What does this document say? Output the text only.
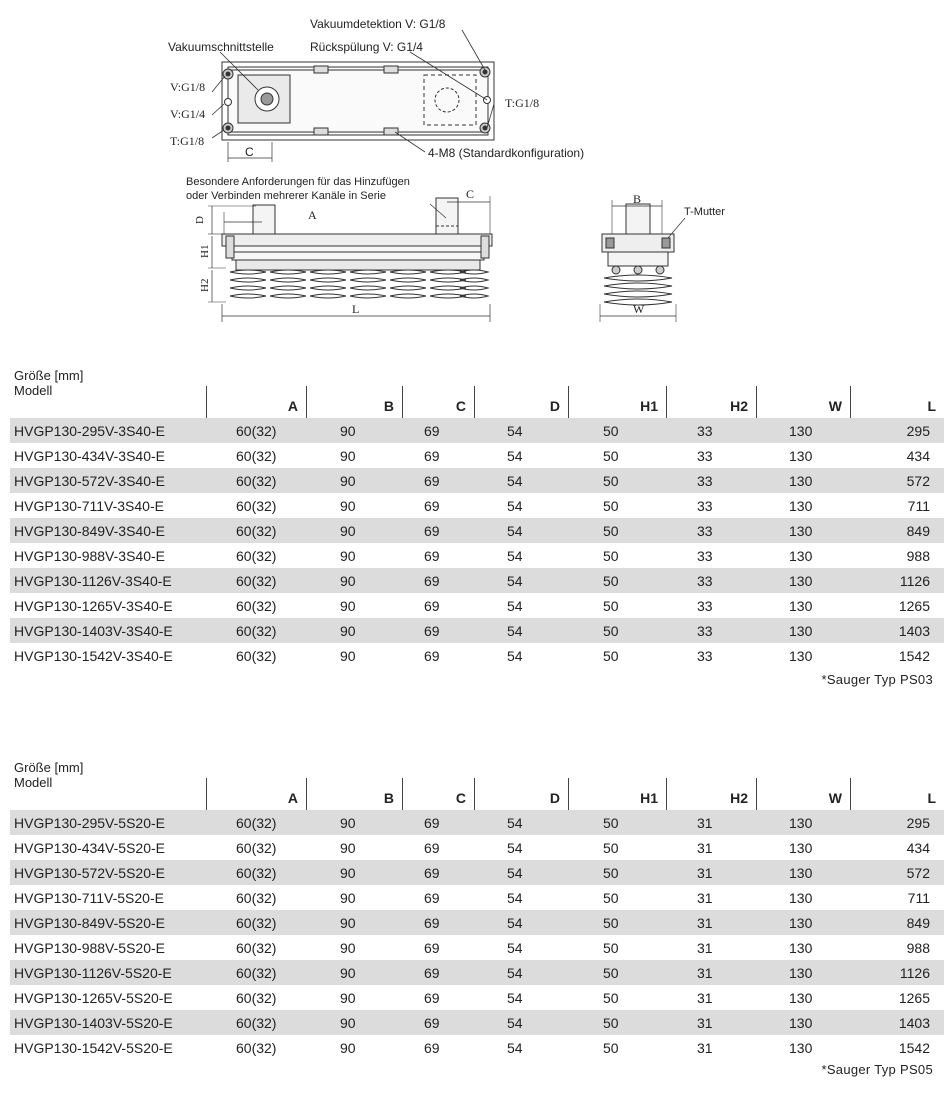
Vakuumdetektion V: G1/8
Rückspülung V: G1/4
Vakuumschnittstelle
V:G1/8
V:G1/4
T:G1/8
T:G1/8
4-M8 (Standardkonfiguration)
C
Besondere Anforderungen für das Hinzufügen
oder Verbinden mehrerer Kanäle in Serie
A
C
D
H1
H2
L
B
T-Mutter
W
Größe [mm]
Modell
A	B	C	D	H1	H2	W	L
HVGP130-295V-3S40-E	60(32)	90	69	54	50	33	130	295
HVGP130-434V-3S40-E	60(32)	90	69	54	50	33	130	434
HVGP130-572V-3S40-E	60(32)	90	69	54	50	33	130	572
HVGP130-711V-3S40-E	60(32)	90	69	54	50	33	130	711
HVGP130-849V-3S40-E	60(32)	90	69	54	50	33	130	849
HVGP130-988V-3S40-E	60(32)	90	69	54	50	33	130	988
HVGP130-1126V-3S40-E	60(32)	90	69	54	50	33	130	1126
HVGP130-1265V-3S40-E	60(32)	90	69	54	50	33	130	1265
HVGP130-1403V-3S40-E	60(32)	90	69	54	50	33	130	1403
HVGP130-1542V-3S40-E	60(32)	90	69	54	50	33	130	1542
*Sauger Typ PS03
Größe [mm]
Modell
A	B	C	D	H1	H2	W	L
HVGP130-295V-5S20-E	60(32)	90	69	54	50	31	130	295
HVGP130-434V-5S20-E	60(32)	90	69	54	50	31	130	434
HVGP130-572V-5S20-E	60(32)	90	69	54	50	31	130	572
HVGP130-711V-5S20-E	60(32)	90	69	54	50	31	130	711
HVGP130-849V-5S20-E	60(32)	90	69	54	50	31	130	849
HVGP130-988V-5S20-E	60(32)	90	69	54	50	31	130	988
HVGP130-1126V-5S20-E	60(32)	90	69	54	50	31	130	1126
HVGP130-1265V-5S20-E	60(32)	90	69	54	50	31	130	1265
HVGP130-1403V-5S20-E	60(32)	90	69	54	50	31	130	1403
HVGP130-1542V-5S20-E	60(32)	90	69	54	50	31	130	1542
*Sauger Typ PS05
